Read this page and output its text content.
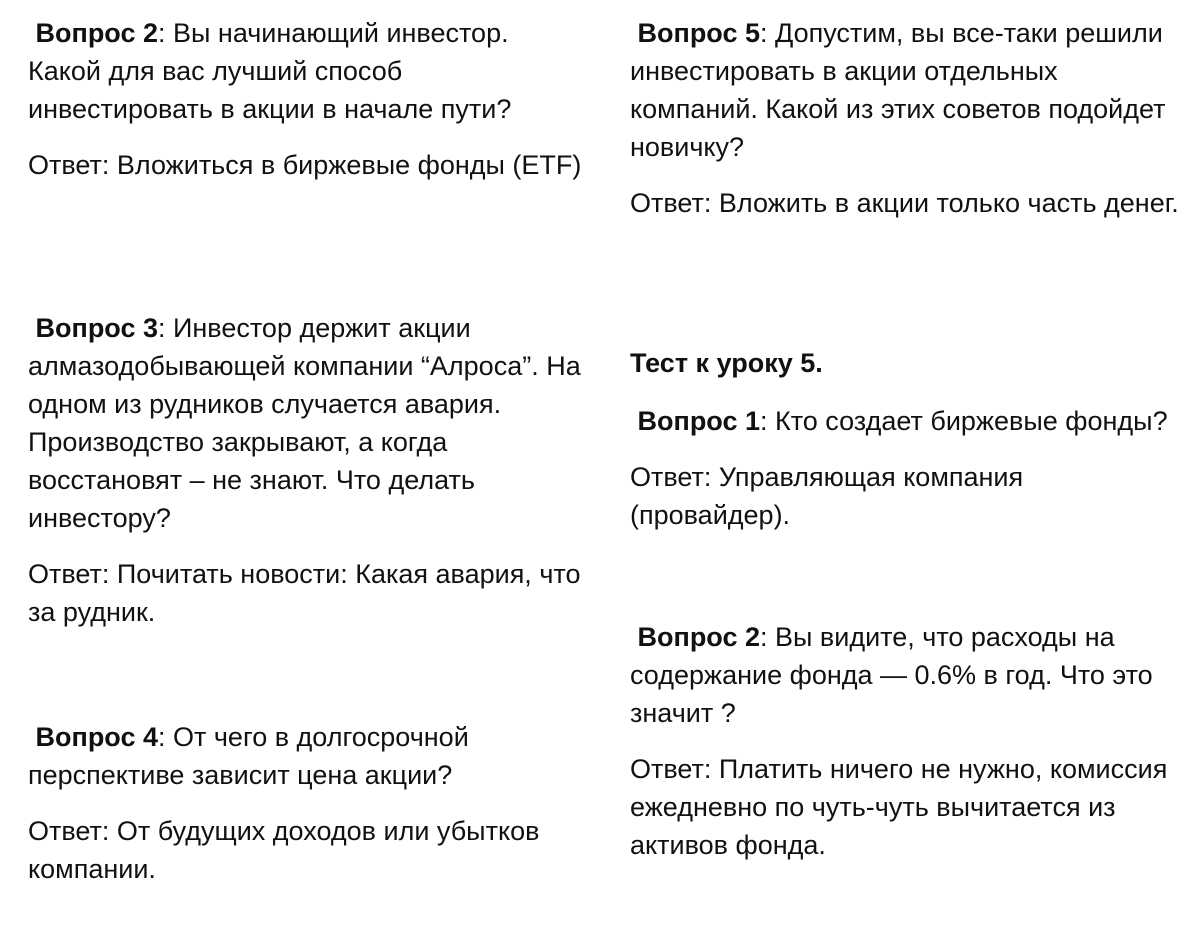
Вопрос 2: Вы начинающий инвестор. Какой для вас лучший способ инвестировать в акции в начале пути?

Ответ: Вложиться в биржевые фонды (ETF)

Вопрос 3: Инвестор держит акции алмазодобывающей компании “Алроса”. На одном из рудников случается авария. Производство закрывают, а когда восстановят – не знают. Что делать инвестору?

Ответ: Почитать новости: Какая авария, что за рудник.

Вопрос 4: От чего в долгосрочной перспективе зависит цена акции?

Ответ: От будущих доходов или убытков компании.

Вопрос 5: Допустим, вы все-таки решили инвестировать в акции отдельных компаний. Какой из этих советов подойдет новичку?

Ответ: Вложить в акции только часть денег.

Тест к уроку 5.

Вопрос 1: Кто создает биржевые фонды?

Ответ: Управляющая компания (провайдер).

Вопрос 2: Вы видите, что расходы на содержание фонда — 0.6% в год. Что это значит ?

Ответ: Платить ничего не нужно, комиссия ежедневно по чуть-чуть вычитается из активов фонда.
